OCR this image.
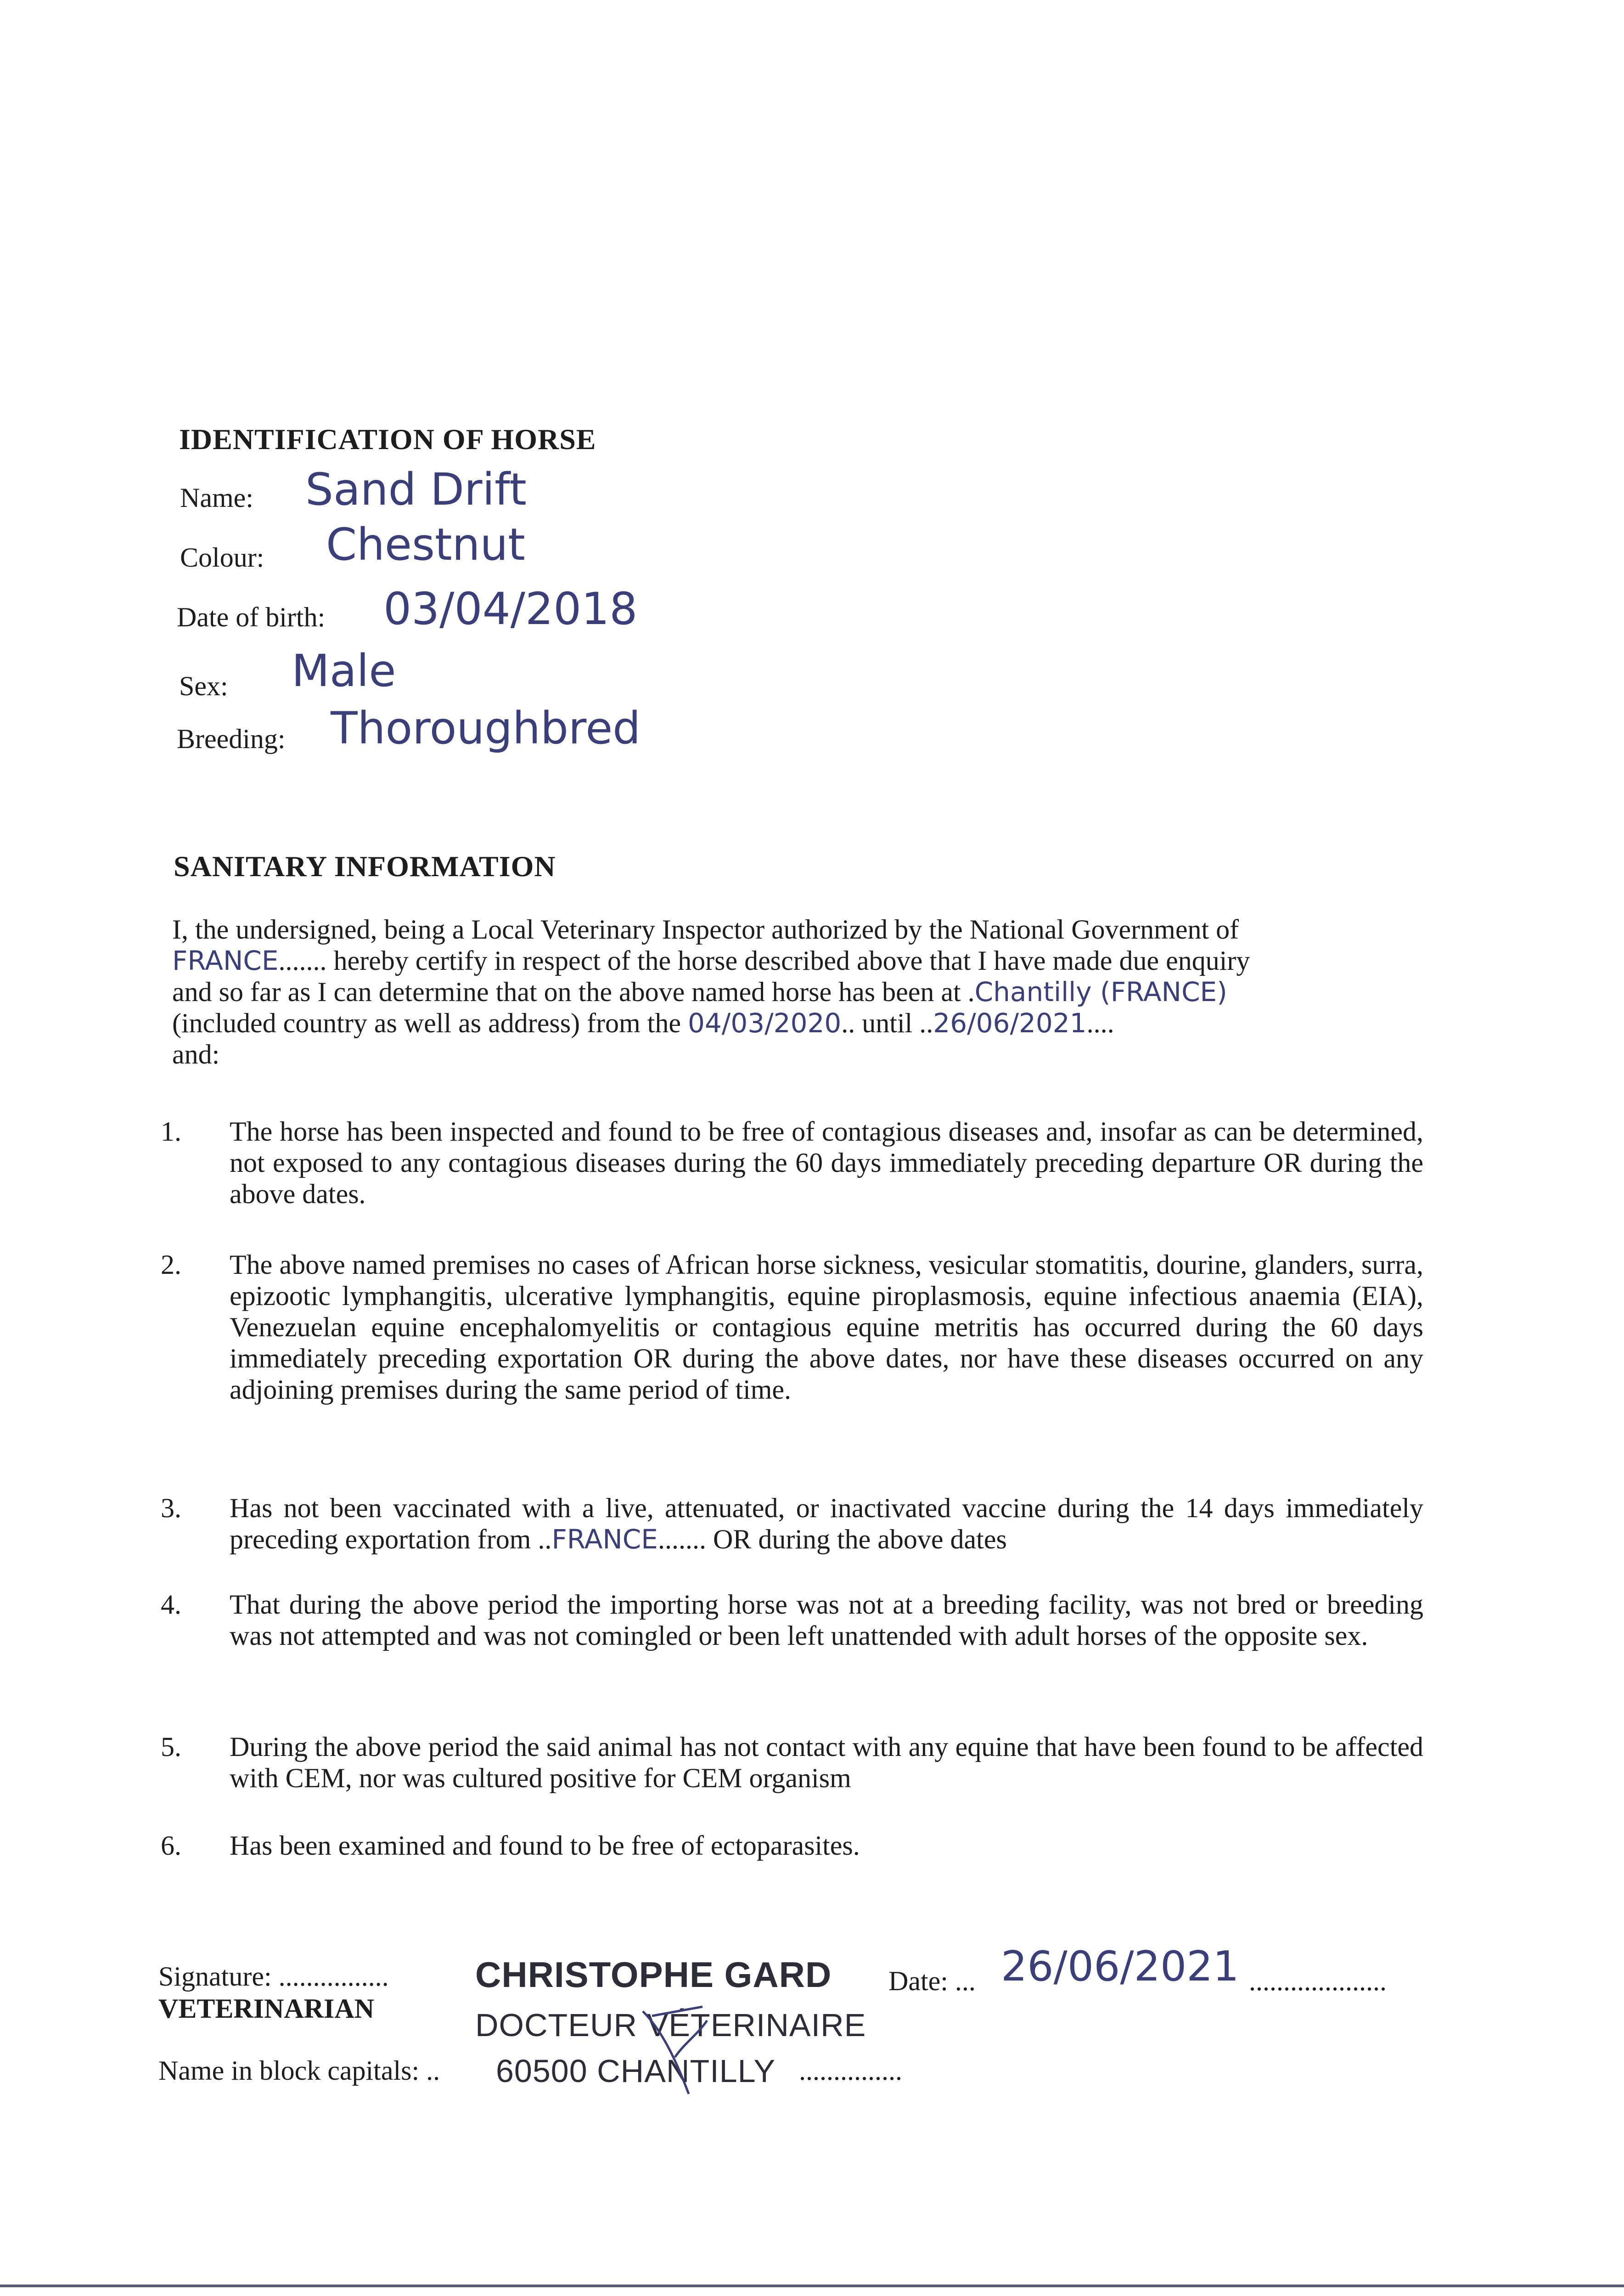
IDENTIFICATION OF HORSE
Name: Sand Drift
Colour: Chestnut
Date of birth: 03/04/2018
Sex: Male
Breeding: Thoroughbred
SANITARY INFORMATION
I, the undersigned, being a Local Veterinary Inspector authorized by the National Government of
FRANCE....... hereby certify in respect of the horse described above that I have made due enquiry
and so far as I can determine that on the above named horse has been at .Chantilly (FRANCE)
(included country as well as address) from the 04/03/2020.. until ..26/06/2021....
and:
1. The horse has been inspected and found to be free of contagious diseases and, insofar as can be determined, not exposed to any contagious diseases during the 60 days immediately preceding departure OR during the above dates.
2. The above named premises no cases of African horse sickness, vesicular stomatitis, dourine, glanders, surra, epizootic lymphangitis, ulcerative lymphangitis, equine piroplasmosis, equine infectious anaemia (EIA), Venezuelan equine encephalomyelitis or contagious equine metritis has occurred during the 60 days immediately preceding exportation OR during the above dates, nor have these diseases occurred on any adjoining premises during the same period of time.
3. Has not been vaccinated with a live, attenuated, or inactivated vaccine during the 14 days immediately preceding exportation from ..FRANCE....... OR during the above dates
4. That during the above period the importing horse was not at a breeding facility, was not bred or breeding was not attempted and was not comingled or been left unattended with adult horses of the opposite sex.
5. During the above period the said animal has not contact with any equine that have been found to be affected with CEM, nor was cultured positive for CEM organism
6. Has been examined and found to be free of ectoparasites.
Signature: ................
VETERINARIAN
Name in block capitals: ..	...............
CHRISTOPHE GARD
DOCTEUR VÉTERINAIRE
60500 CHANTILLY
Date: ... 26/06/2021 ....................
